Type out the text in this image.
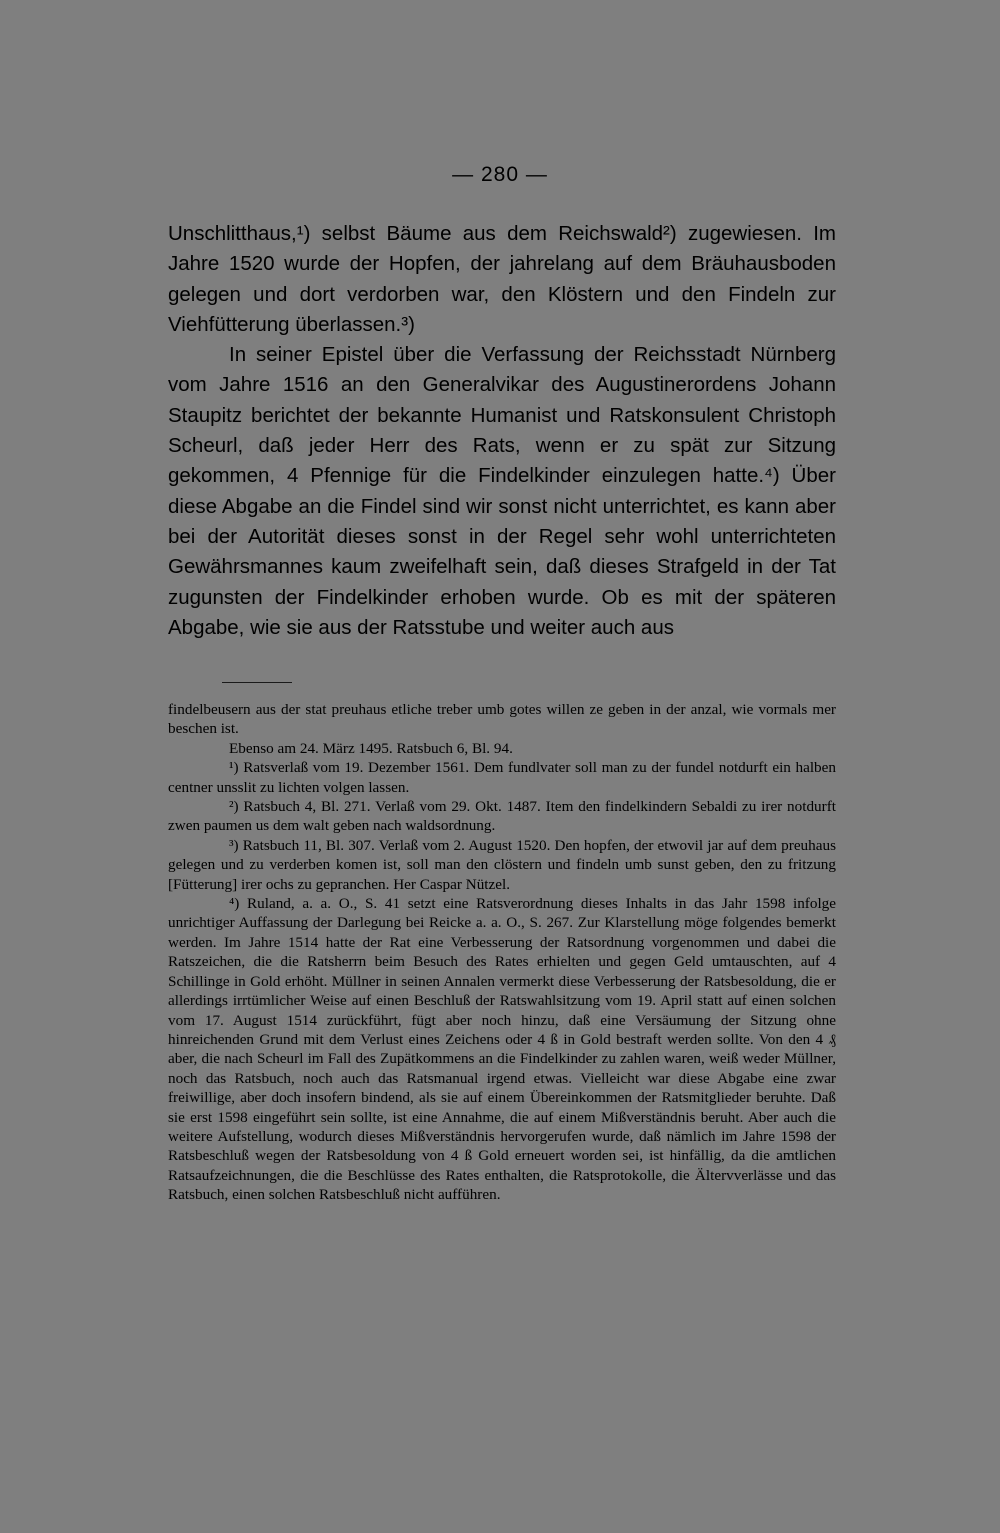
— 280 —

Unschlitthaus,¹) selbst Bäume aus dem Reichswald²) zugewiesen. Im Jahre 1520 wurde der Hopfen, der jahrelang auf dem Bräuhausboden gelegen und dort verdorben war, den Klöstern und den Findeln zur Viehfütterung überlassen.³)

In seiner Epistel über die Verfassung der Reichsstadt Nürnberg vom Jahre 1516 an den Generalvikar des Augustinerordens Johann Staupitz berichtet der bekannte Humanist und Ratskonsulent Christoph Scheurl, daß jeder Herr des Rats, wenn er zu spät zur Sitzung gekommen, 4 Pfennige für die Findelkinder einzulegen hatte.⁴) Über diese Abgabe an die Findel sind wir sonst nicht unterrichtet, es kann aber bei der Autorität dieses sonst in der Regel sehr wohl unterrichteten Gewährsmannes kaum zweifelhaft sein, daß dieses Strafgeld in der Tat zugunsten der Findelkinder erhoben wurde. Ob es mit der späteren Abgabe, wie sie aus der Ratsstube und weiter auch aus

findelbeusern aus der stat preuhaus etliche treber umb gotes willen ze geben in der anzal, wie vormals mer beschen ist.

Ebenso am 24. März 1495. Ratsbuch 6, Bl. 94.

¹) Ratsverlaß vom 19. Dezember 1561. Dem fundlvater soll man zu der fundel notdurft ein halben centner unsslit zu lichten volgen lassen.

²) Ratsbuch 4, Bl. 271. Verlaß vom 29. Okt. 1487. Item den findelkindern Sebaldi zu irer notdurft zwen paumen us dem walt geben nach waldsordnung.

³) Ratsbuch 11, Bl. 307. Verlaß vom 2. August 1520. Den hopfen, der etwovil jar auf dem preuhaus gelegen und zu verderben komen ist, soll man den clöstern und findeln umb sunst geben, den zu fritzung [Fütterung] irer ochs zu gepranchen. Her Caspar Nützel.

⁴) Ruland, a. a. O., S. 41 setzt eine Ratsverordnung dieses Inhalts in das Jahr 1598 infolge unrichtiger Auffassung der Darlegung bei Reicke a. a. O., S. 267. Zur Klarstellung möge folgendes bemerkt werden. Im Jahre 1514 hatte der Rat eine Verbesserung der Ratsordnung vorgenommen und dabei die Ratszeichen, die die Ratsherrn beim Besuch des Rates erhielten und gegen Geld umtauschten, auf 4 Schillinge in Gold erhöht. Müllner in seinen Annalen vermerkt diese Verbesserung der Ratsbesoldung, die er allerdings irrtümlicher Weise auf einen Beschluß der Ratswahlsitzung vom 19. April statt auf einen solchen vom 17. August 1514 zurückführt, fügt aber noch hinzu, daß eine Versäumung der Sitzung ohne hinreichenden Grund mit dem Verlust eines Zeichens oder 4 ß in Gold bestraft werden sollte. Von den 4 ₰ aber, die nach Scheurl im Fall des Zupätkommens an die Findelkinder zu zahlen waren, weiß weder Müllner, noch das Ratsbuch, noch auch das Ratsmanual irgend etwas. Vielleicht war diese Abgabe eine zwar freiwillige, aber doch insofern bindend, als sie auf einem Übereinkommen der Ratsmitglieder beruhte. Daß sie erst 1598 eingeführt sein sollte, ist eine Annahme, die auf einem Mißverständnis beruht. Aber auch die weitere Aufstellung, wodurch dieses Mißverständnis hervorgerufen wurde, daß nämlich im Jahre 1598 der Ratsbeschluß wegen der Ratsbesoldung von 4 ß Gold erneuert worden sei, ist hinfällig, da die amtlichen Ratsaufzeichnungen, die die Beschlüsse des Rates enthalten, die Ratsprotokolle, die Ältervverlässe und das Ratsbuch, einen solchen Ratsbeschluß nicht aufführen.
